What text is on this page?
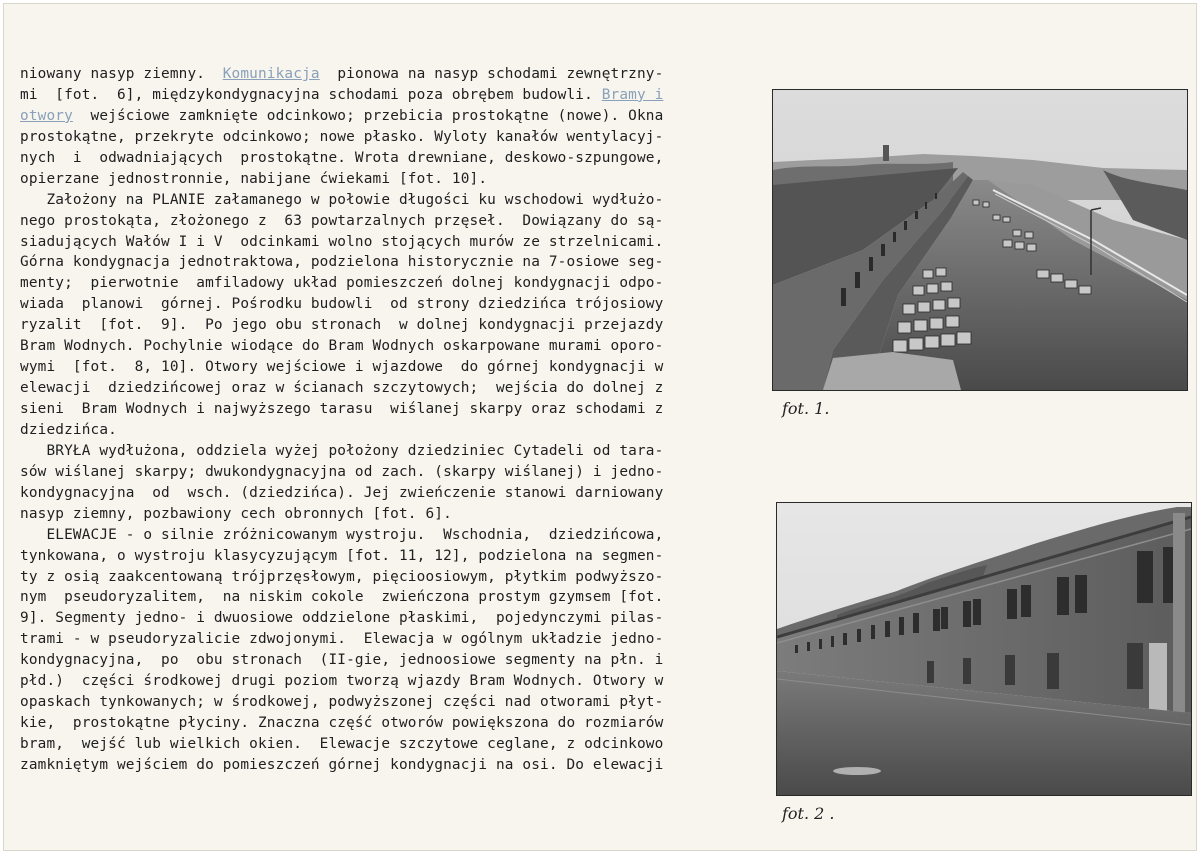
niowany nasyp ziemny.  Komunikacja  pionowa na nasyp schodami zewnętrzny-
mi  [fot.  6], międzykondygnacyjna schodami poza obrębem budowli. Bramy i
otwory  wejściowe zamknięte odcinkowo; przebicia prostokątne (nowe). Okna
prostokątne, przekryte odcinkowo; nowe płasko. Wyloty kanałów wentylacyj-
nych  i  odwadniających  prostokątne. Wrota drewniane, deskowo-szpungowe,
opierzane jednostronnie, nabijane ćwiekami [fot. 10].
Założony na PLANIE załamanego w połowie długości ku wschodowi wydłużo-
nego prostokąta, złożonego z  63 powtarzalnych przęseł.  Dowiązany do są-
siadujących Wałów I i V  odcinkami wolno stojących murów ze strzelnicami.
Górna kondygnacja jednotraktowa, podzielona historycznie na 7-osiowe seg-
menty;  pierwotnie  amfiladowy układ pomieszczeń dolnej kondygnacji odpo-
wiada  planowi  górnej. Pośrodku budowli  od strony dziedzińca trójosiowy
ryzalit  [fot.  9].  Po jego obu stronach  w dolnej kondygnacji przejazdy
Bram Wodnych. Pochylnie wiodące do Bram Wodnych oskarpowane murami oporo-
wymi  [fot.  8, 10]. Otwory wejściowe i wjazdowe  do górnej kondygnacji w
elewacji  dziedzińcowej oraz w ścianach szczytowych;  wejścia do dolnej z
sieni  Bram Wodnych i najwyższego tarasu  wiślanej skarpy oraz schodami z
dziedzińca.
BRYŁA wydłużona, oddziela wyżej położony dziedziniec Cytadeli od tara-
sów wiślanej skarpy; dwukondygnacyjna od zach. (skarpy wiślanej) i jedno-
kondygnacyjna  od  wsch. (dziedzińca). Jej zwieńczenie stanowi darniowany
nasyp ziemny, pozbawiony cech obronnych [fot. 6].
ELEWACJE - o silnie zróżnicowanym wystroju.  Wschodnia,  dziedzińcowa,
tynkowana, o wystroju klasycyzującym [fot. 11, 12], podzielona na segmen-
ty z osią zaakcentowaną trójprzęsłowym, pięcioosiowym, płytkim podwyższo-
nym  pseudoryzalitem,  na niskim cokole  zwieńczona prostym gzymsem [fot.
9]. Segmenty jedno- i dwuosiowe oddzielone płaskimi,  pojedynczymi pilas-
trami - w pseudoryzalicie zdwojonymi.  Elewacja w ogólnym układzie jedno-
kondygnacyjna,  po  obu stronach  (II-gie, jednoosiowe segmenty na płn. i
płd.)  części środkowej drugi poziom tworzą wjazdy Bram Wodnych. Otwory w
opaskach tynkowanych; w środkowej, podwyższonej części nad otworami płyt-
kie,  prostokątne płyciny. Znaczna część otworów powiększona do rozmiarów
bram,  wejść lub wielkich okien.  Elewacje szczytowe ceglane, z odcinkowo
zamkniętym wejściem do pomieszczeń górnej kondygnacji na osi. Do elewacji
fot. 1.
fot. 2 .
